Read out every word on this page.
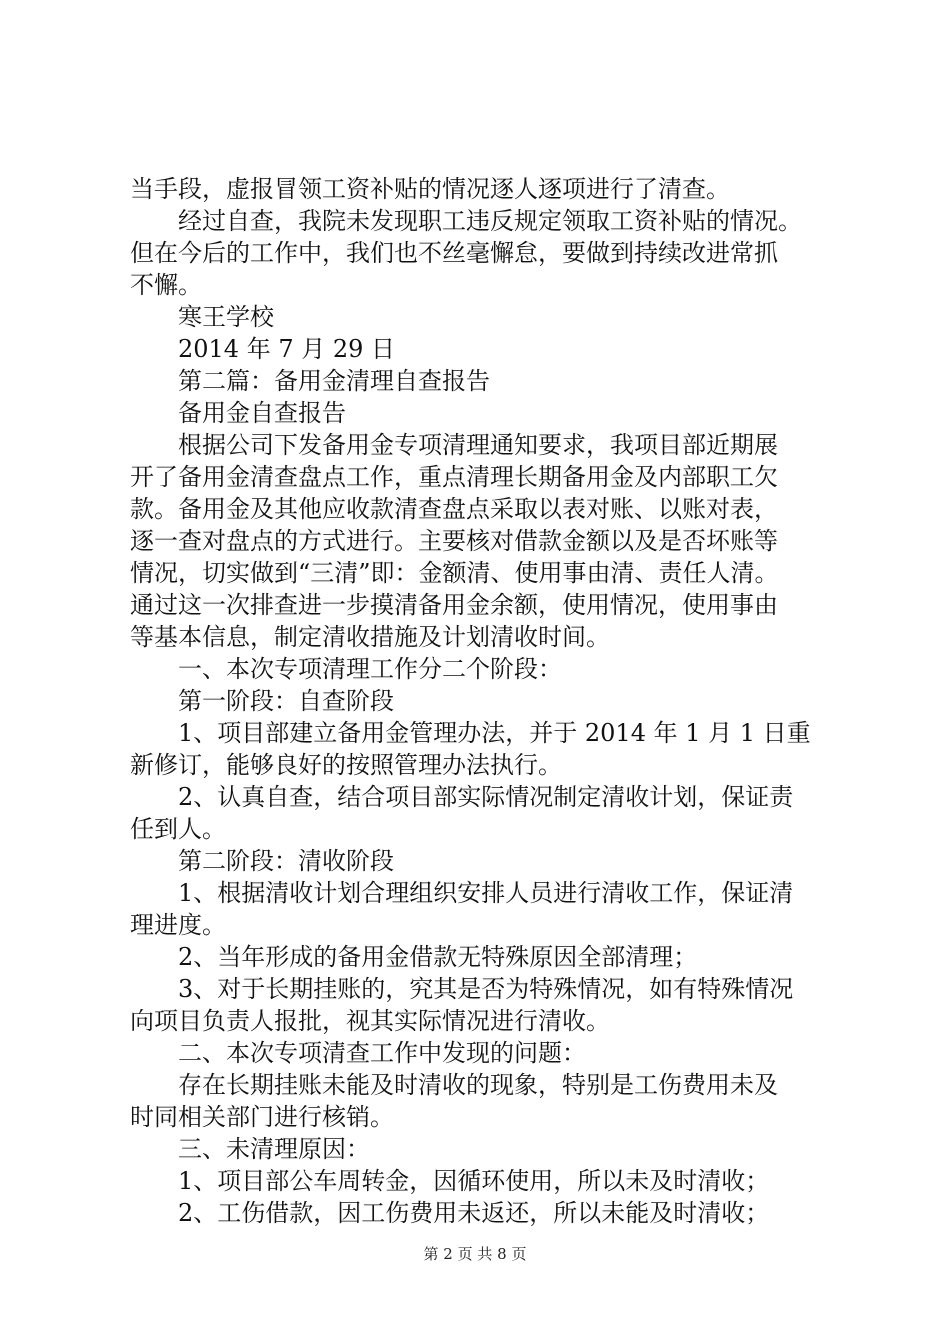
当手段，虚报冒领工资补贴的情况逐人逐项进行了清查。
经过自查，我院未发现职工违反规定领取工资补贴的情况。
但在今后的工作中，我们也不丝毫懈怠，要做到持续改进常抓
不懈。
寒王学校
2014 年 7 月 29 日
第二篇：备用金清理自查报告
备用金自查报告
根据公司下发备用金专项清理通知要求，我项目部近期展
开了备用金清查盘点工作，重点清理长期备用金及内部职工欠
款。备用金及其他应收款清查盘点采取以表对账、以账对表，
逐一查对盘点的方式进行。主要核对借款金额以及是否坏账等
情况，切实做到“三清”即：金额清、使用事由清、责任人清。
通过这一次排查进一步摸清备用金余额，使用情况，使用事由
等基本信息，制定清收措施及计划清收时间。
一、本次专项清理工作分二个阶段：
第一阶段：自查阶段
1、项目部建立备用金管理办法，并于 2014 年 1 月 1 日重
新修订，能够良好的按照管理办法执行。
2、认真自查，结合项目部实际情况制定清收计划，保证责
任到人。
第二阶段：清收阶段
1、根据清收计划合理组织安排人员进行清收工作，保证清
理进度。
2、当年形成的备用金借款无特殊原因全部清理；
3、对于长期挂账的，究其是否为特殊情况，如有特殊情况
向项目负责人报批，视其实际情况进行清收。
二、本次专项清查工作中发现的问题：
存在长期挂账未能及时清收的现象，特别是工伤费用未及
时同相关部门进行核销。
三、未清理原因：
1、项目部公车周转金，因循环使用，所以未及时清收；
2、工伤借款，因工伤费用未返还，所以未能及时清收；
第 2 页 共 8 页
